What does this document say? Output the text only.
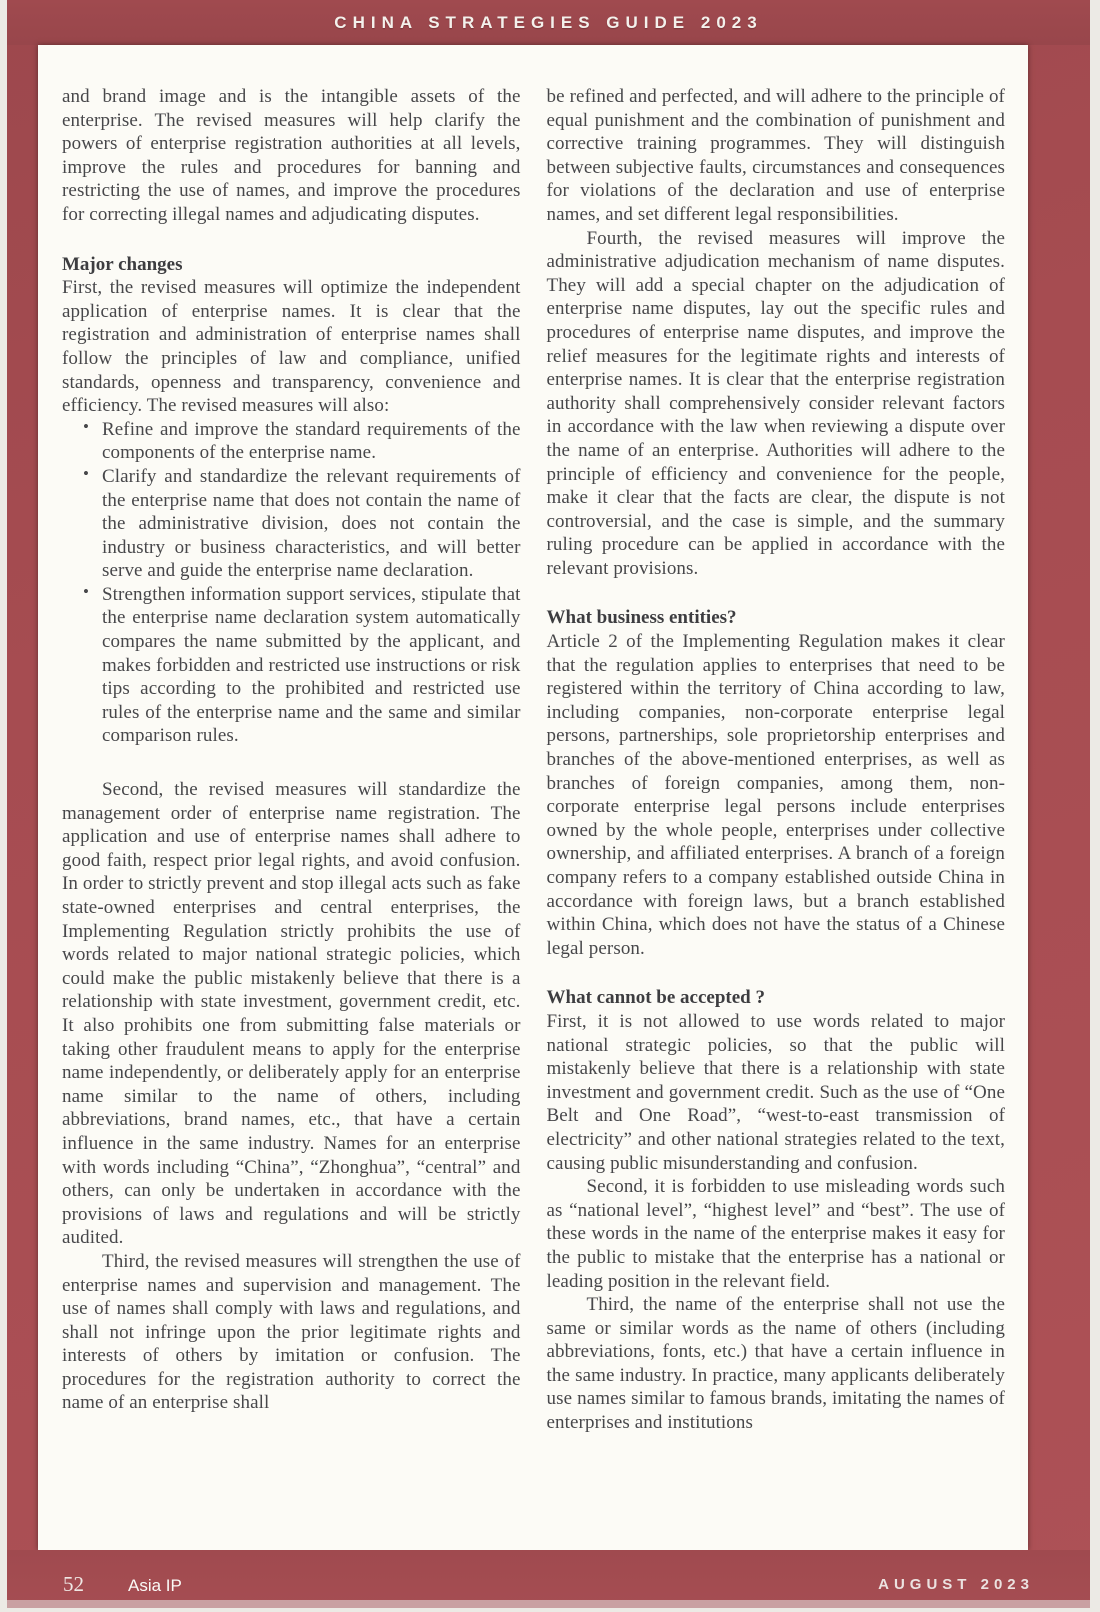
CHINA STRATEGIES GUIDE 2023

and brand image and is the intangible assets of the enterprise. The revised measures will help clarify the powers of enterprise registration authorities at all levels, improve the rules and procedures for banning and restricting the use of names, and improve the procedures for correcting illegal names and adjudicating disputes.

Major changes

First, the revised measures will optimize the independent application of enterprise names. It is clear that the registration and administration of enterprise names shall follow the principles of law and compliance, unified standards, openness and transparency, convenience and efficiency. The revised measures will also:

• Refine and improve the standard requirements of the components of the enterprise name.

• Clarify and standardize the relevant requirements of the enterprise name that does not contain the name of the administrative division, does not contain the industry or business characteristics, and will better serve and guide the enterprise name declaration.

• Strengthen information support services, stipulate that the enterprise name declaration system automatically compares the name submitted by the applicant, and makes forbidden and restricted use instructions or risk tips according to the prohibited and restricted use rules of the enterprise name and the same and similar comparison rules.

Second, the revised measures will standardize the management order of enterprise name registration. The application and use of enterprise names shall adhere to good faith, respect prior legal rights, and avoid confusion. In order to strictly prevent and stop illegal acts such as fake state-owned enterprises and central enterprises, the Implementing Regulation strictly prohibits the use of words related to major national strategic policies, which could make the public mistakenly believe that there is a relationship with state investment, government credit, etc. It also prohibits one from submitting false materials or taking other fraudulent means to apply for the enterprise name independently, or deliberately apply for an enterprise name similar to the name of others, including abbreviations, brand names, etc., that have a certain influence in the same industry. Names for an enterprise with words including “China”, “Zhonghua”, “central” and others, can only be undertaken in accordance with the provisions of laws and regulations and will be strictly audited.

Third, the revised measures will strengthen the use of enterprise names and supervision and management. The use of names shall comply with laws and regulations, and shall not infringe upon the prior legitimate rights and interests of others by imitation or confusion. The procedures for the registration authority to correct the name of an enterprise shall

be refined and perfected, and will adhere to the principle of equal punishment and the combination of punishment and corrective training programmes. They will distinguish between subjective faults, circumstances and consequences for violations of the declaration and use of enterprise names, and set different legal responsibilities.

Fourth, the revised measures will improve the administrative adjudication mechanism of name disputes. They will add a special chapter on the adjudication of enterprise name disputes, lay out the specific rules and procedures of enterprise name disputes, and improve the relief measures for the legitimate rights and interests of enterprise names. It is clear that the enterprise registration authority shall comprehensively consider relevant factors in accordance with the law when reviewing a dispute over the name of an enterprise. Authorities will adhere to the principle of efficiency and convenience for the people, make it clear that the facts are clear, the dispute is not controversial, and the case is simple, and the summary ruling procedure can be applied in accordance with the relevant provisions.

What business entities?

Article 2 of the Implementing Regulation makes it clear that the regulation applies to enterprises that need to be registered within the territory of China according to law, including companies, non-corporate enterprise legal persons, partnerships, sole proprietorship enterprises and branches of the above-mentioned enterprises, as well as branches of foreign companies, among them, non-corporate enterprise legal persons include enterprises owned by the whole people, enterprises under collective ownership, and affiliated enterprises. A branch of a foreign company refers to a company established outside China in accordance with foreign laws, but a branch established within China, which does not have the status of a Chinese legal person.

What cannot be accepted ?

First, it is not allowed to use words related to major national strategic policies, so that the public will mistakenly believe that there is a relationship with state investment and government credit. Such as the use of “One Belt and One Road”, “west-to-east transmission of electricity” and other national strategies related to the text, causing public misunderstanding and confusion.

Second, it is forbidden to use misleading words such as “national level”, “highest level” and “best”. The use of these words in the name of the enterprise makes it easy for the public to mistake that the enterprise has a national or leading position in the relevant field.

Third, the name of the enterprise shall not use the same or similar words as the name of others (including abbreviations, fonts, etc.) that have a certain influence in the same industry. In practice, many applicants deliberately use names similar to famous brands, imitating the names of enterprises and institutions

52	Asia IP	AUGUST 2023
